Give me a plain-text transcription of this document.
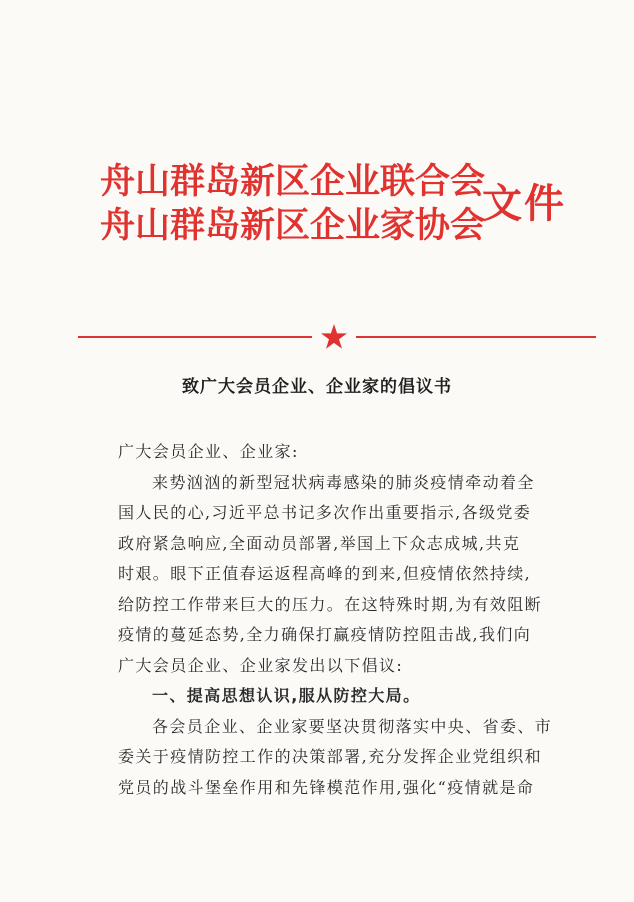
舟山群岛新区企业联合会
舟山群岛新区企业家协会
文件
致广大会员企业、企业家的倡议书

广大会员企业、企业家:

来势汹汹的新型冠状病毒感染的肺炎疫情牵动着全
国人民的心,习近平总书记多次作出重要指示,各级党委
政府紧急响应,全面动员部署,举国上下众志成城,共克
时艰。眼下正值春运返程高峰的到来,但疫情依然持续,
给防控工作带来巨大的压力。在这特殊时期,为有效阻断
疫情的蔓延态势,全力确保打赢疫情防控阻击战,我们向
广大会员企业、企业家发出以下倡议:

一、提高思想认识,服从防控大局。

各会员企业、企业家要坚决贯彻落实中央、省委、市
委关于疫情防控工作的决策部署,充分发挥企业党组织和
党员的战斗堡垒作用和先锋模范作用,强化“疫情就是命
